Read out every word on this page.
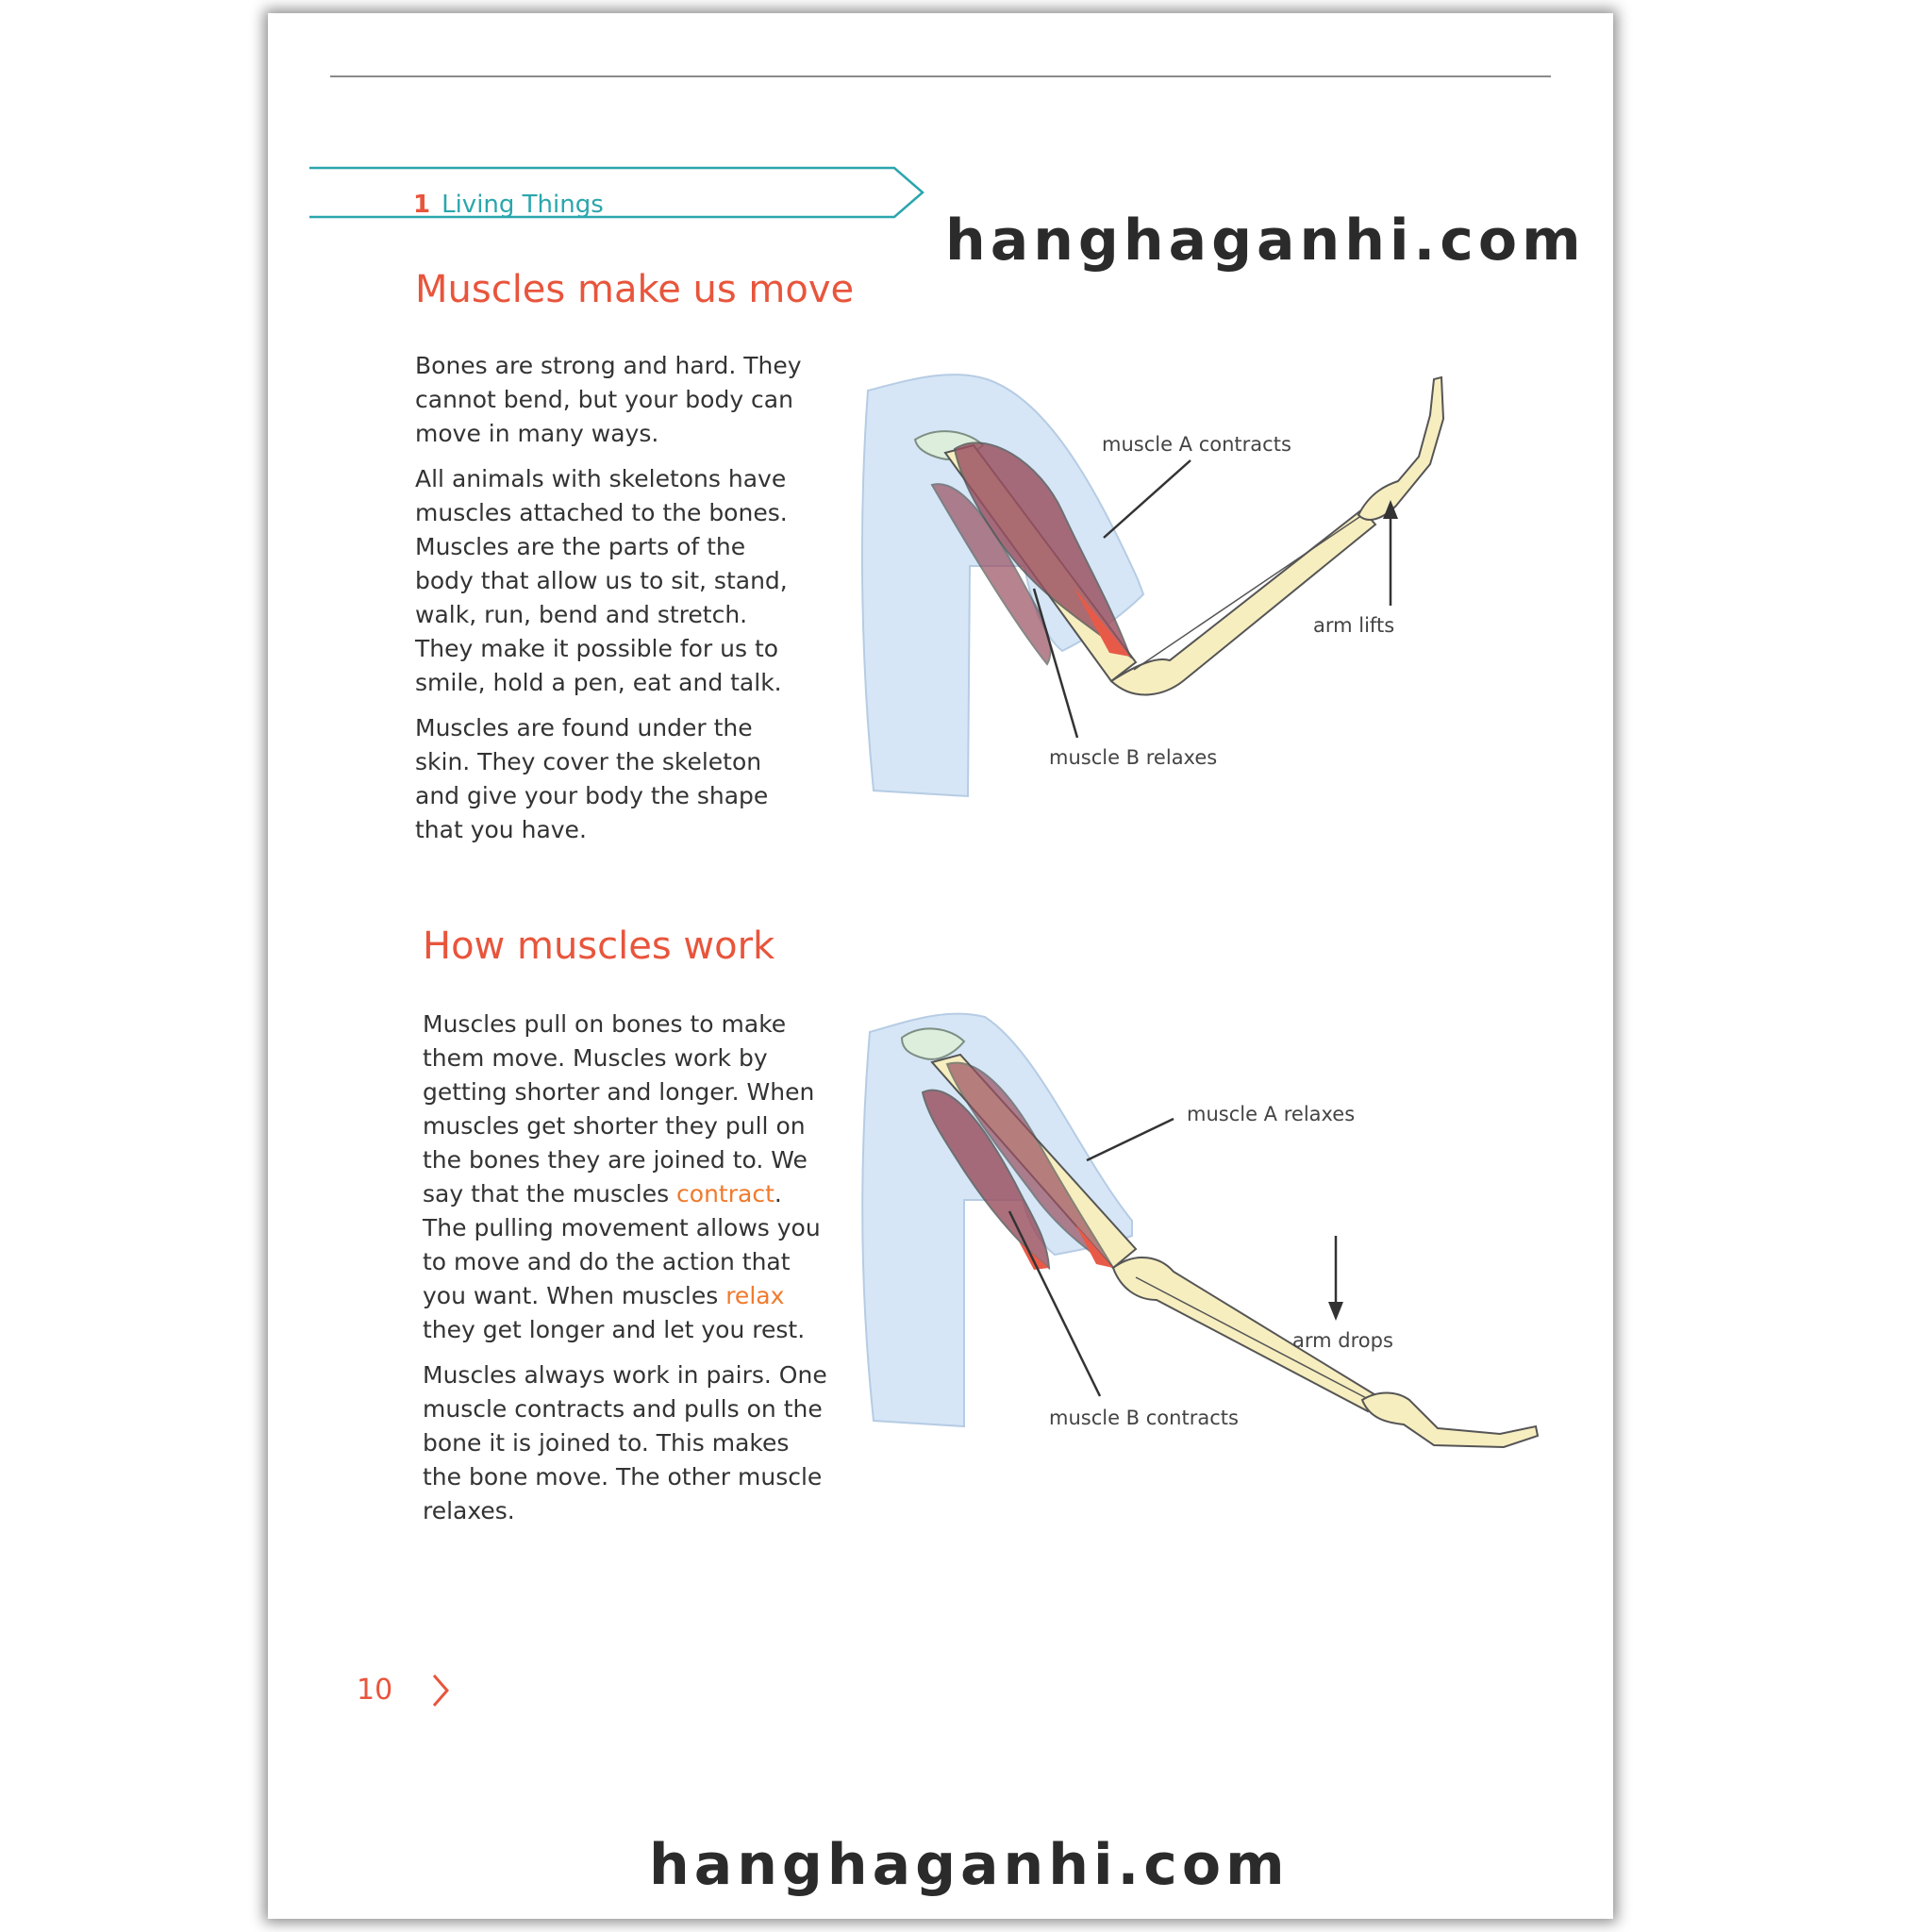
1 Living Things
Muscles make us move

Bones are strong and hard. They cannot bend, but your body can move in many ways.

All animals with skeletons have muscles attached to the bones. Muscles are the parts of the body that allow us to sit, stand, walk, run, bend and stretch. They make it possible for us to smile, hold a pen, eat and talk.

Muscles are found under the skin. They cover the skeleton and give your body the shape that you have.

muscle A contracts
arm lifts
muscle B relaxes
How muscles work

Muscles pull on bones to make them move. Muscles work by getting shorter and longer. When muscles get shorter they pull on the bones they are joined to. We say that the muscles contract. The pulling movement allows you to move and do the action that you want. When muscles relax they get longer and let you rest.

Muscles always work in pairs. One muscle contracts and pulls on the bone it is joined to. This makes the bone move. The other muscle relaxes.

muscle A relaxes
arm drops
muscle B contracts
10
hanghaganhi.com
hanghaganhi.com
